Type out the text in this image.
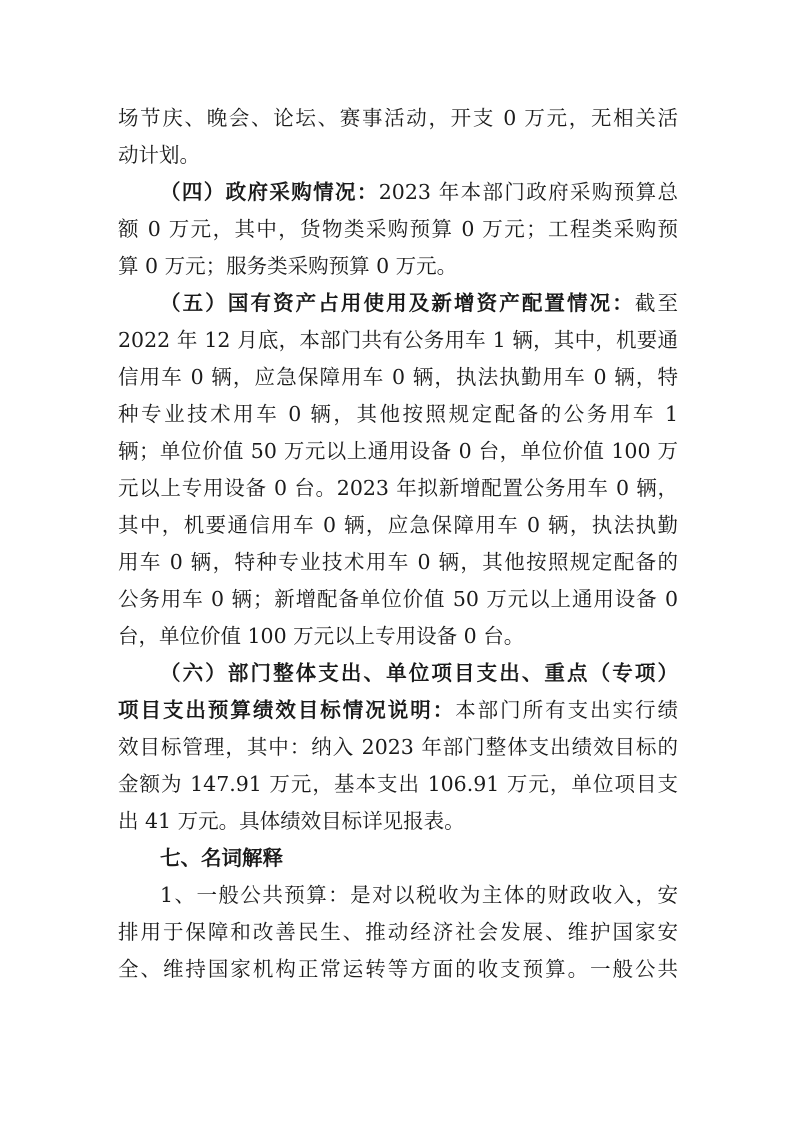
场节庆、晚会、论坛、赛事活动，开支 0 万元，无相关活
动计划。
（四）政府采购情况：2023 年本部门政府采购预算总
额 0 万元，其中，货物类采购预算 0 万元；工程类采购预
算 0 万元；服务类采购预算 0 万元。
（五）国有资产占用使用及新增资产配置情况：截至
2022 年 12 月底，本部门共有公务用车 1 辆，其中，机要通
信用车 0 辆，应急保障用车 0 辆，执法执勤用车 0 辆，特
种专业技术用车 0 辆，其他按照规定配备的公务用车 1
辆；单位价值 50 万元以上通用设备 0 台，单位价值 100 万
元以上专用设备 0 台。2023 年拟新增配置公务用车 0 辆，
其中，机要通信用车 0 辆，应急保障用车 0 辆，执法执勤
用车 0 辆，特种专业技术用车 0 辆，其他按照规定配备的
公务用车 0 辆；新增配备单位价值 50 万元以上通用设备 0
台，单位价值 100 万元以上专用设备 0 台。
（六）部门整体支出、单位项目支出、重点（专项）
项目支出预算绩效目标情况说明：本部门所有支出实行绩
效目标管理，其中：纳入 2023 年部门整体支出绩效目标的
金额为 147.91 万元，基本支出 106.91 万元，单位项目支
出 41 万元。具体绩效目标详见报表。
七、名词解释
1、一般公共预算：是对以税收为主体的财政收入，安
排用于保障和改善民生、推动经济社会发展、维护国家安
全、维持国家机构正常运转等方面的收支预算。一般公共
